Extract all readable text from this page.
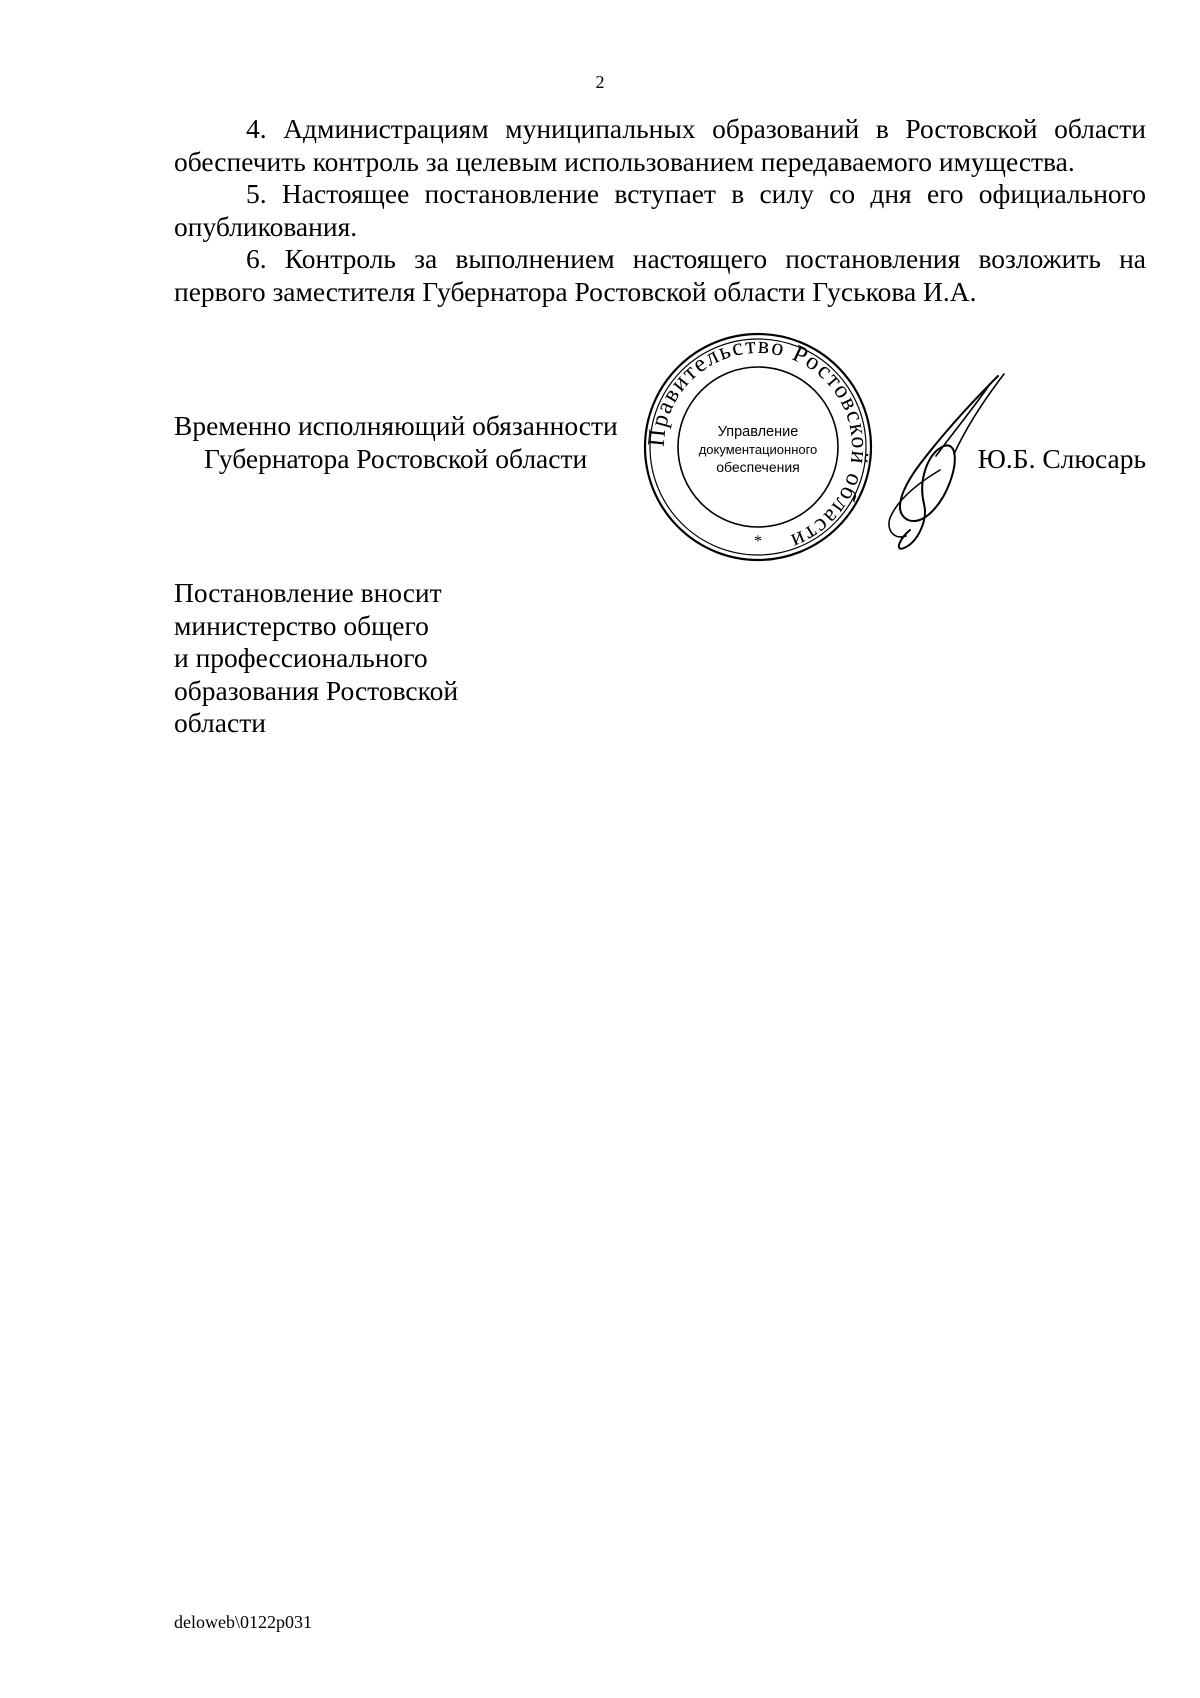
2

4. Администрациям муниципальных образований в Ростовской области обеспечить контроль за целевым использованием передаваемого имущества.

5. Настоящее постановление вступает в силу со дня его официального опубликования.

6. Контроль за выполнением настоящего постановления возложить на первого заместителя Губернатора Ростовской области Гуськова И.А.

Временно исполняющий обязанности
Губернатора Ростовской области
Правительство Ростовской области
Управление
документационного
обеспечения
*
Ю.Б. Слюсарь
Постановление вносит
министерство общего
и профессионального
образования Ростовской
области
deloweb\0122p031
